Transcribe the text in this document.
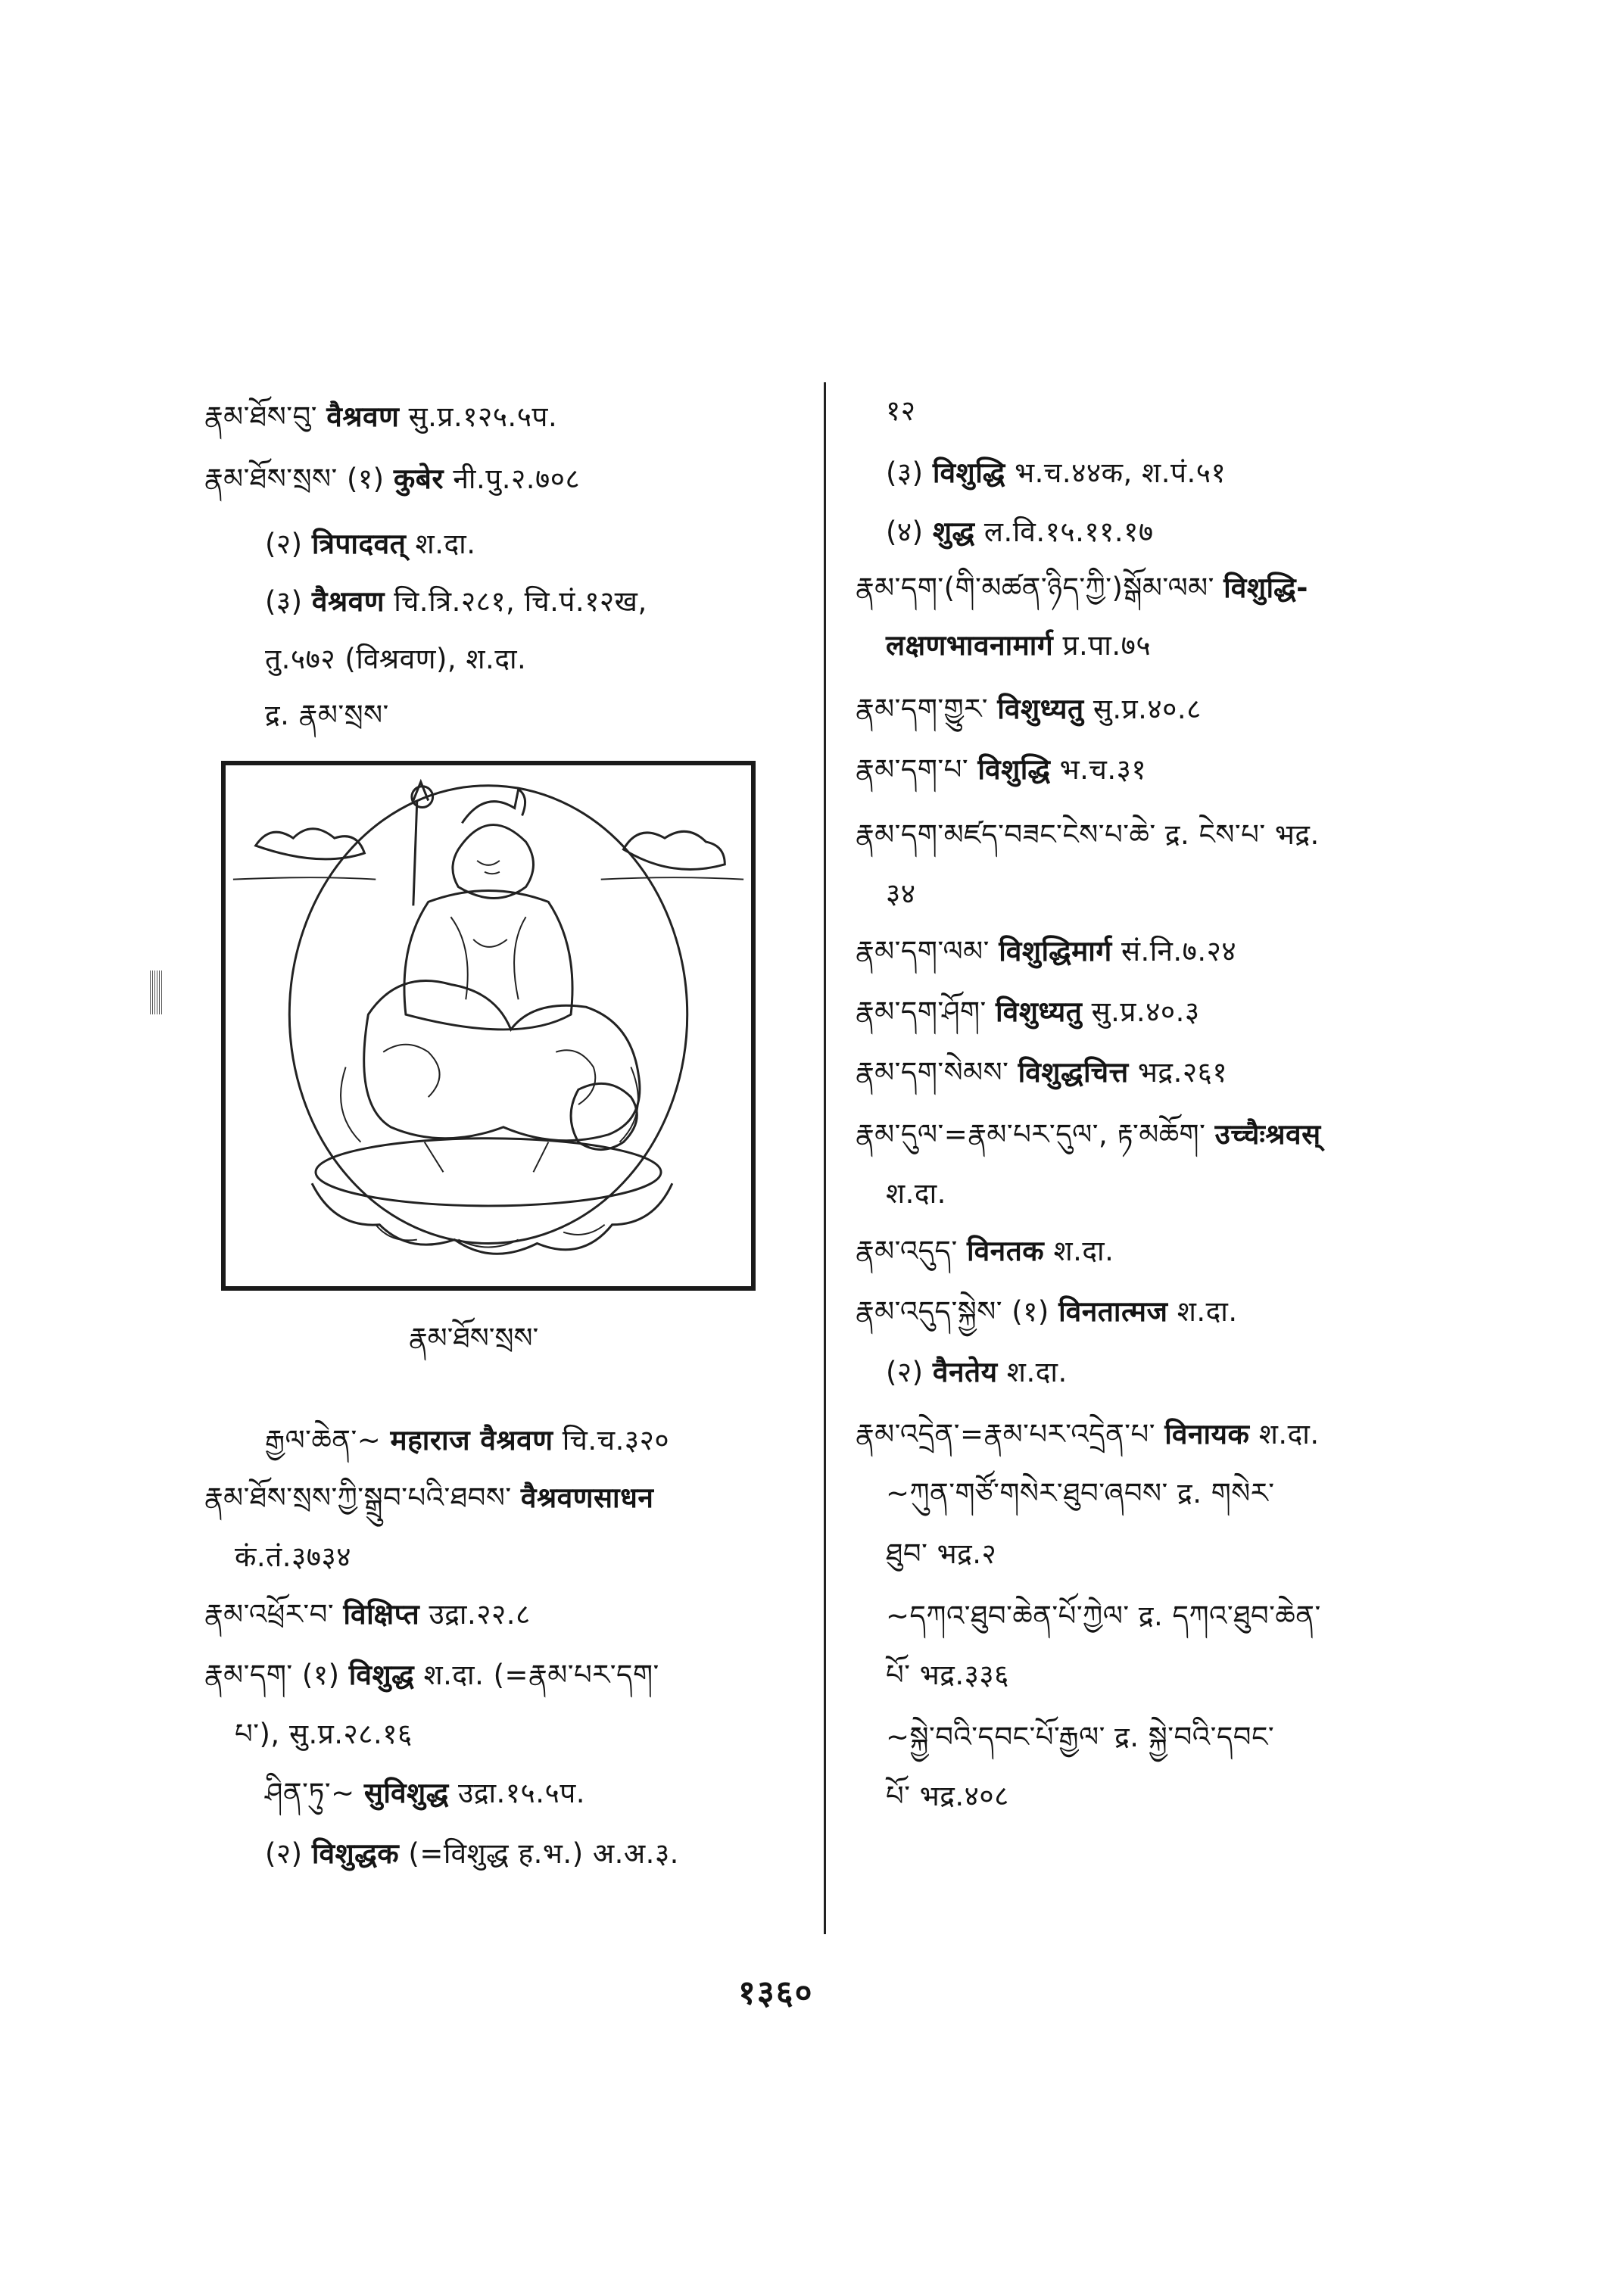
རྣམ་ཐོས་བུ་ वैश्रवण सु.प्र.१२५.५प.
རྣམ་ཐོས་སྲས་ (१) कुबेर नी.पु.२.७०८
(२) त्रिपादवत् श.दा.
(३) वैश्रवण चि.त्रि.२८१, चि.पं.१२ख,
तु.५७२ (विश्रवण), श.दा.
द्र. རྣམ་སྲས་
རྒྱལ་ཆེན་~ महाराज वैश्रवण चि.च.३२०
རྣམ་ཐོས་སྲས་ཀྱི་སྒྲུབ་པའི་ཐབས་ वैश्रवणसाधन
कं.तं.३७३४
རྣམ་འཕྲོར་བ་ विक्षिप्त उद्रा.२२.८
རྣམ་དག་ (१) विशुद्ध श.दा. (=རྣམ་པར་དག་
པ་), सु.प्र.२८.१६
ཤིན་ཏུ་~ सुविशुद्ध उद्रा.१५.५प.
(२) विशुद्धक (=विशुद्ध ह.भ.) अ.अ.३.
རྣམ་ཐོས་སྲས་
१२
(३) विशुद्धि भ.च.४४क, श.पं.५१
(४) शुद्ध ल.वि.१५.११.१७
རྣམ་དག་(གི་མཚན་ཉིད་ཀྱི་)སྒོམ་ལམ་ विशुद्धि-
लक्षणभावनामार्ग प्र.पा.७५
རྣམ་དག་གྱུར་ विशुध्यतु सु.प्र.४०.८
རྣམ་དག་པ་ विशुद्धि भ.च.३१
རྣམ་དག་མཛད་བཟང་ངེས་པ་ཆེ་ द्र. ངེས་པ་ भद्र.
३४
རྣམ་དག་ལམ་ विशुद्धिमार्ग सं.नि.७.२४
རྣམ་དག་ཤོག་ विशुध्यतु सु.प्र.४०.३
རྣམ་དག་སེམས་ विशुद्धचित्त भद्र.२६१
རྣམ་དུལ་=རྣམ་པར་དུལ་, རྟ་མཆོག་ उच्चैःश्रवस्
श.दा.
རྣམ་འདུད་ विनतक श.दा.
རྣམ་འདུད་སྐྱེས་ (१) विनतात्मज श.दा.
(२) वैनतेय श.दा.
རྣམ་འདྲེན་=རྣམ་པར་འདྲེན་པ་ विनायक श.दा.
~ཀུན་གཙོ་གསེར་ཐུབ་ཞབས་ द्र. གསེར་
ཐུབ་ भद्र.२
~དཀའ་ཐུབ་ཆེན་པོ་ཀྱེལ་ द्र. དཀའ་ཐུབ་ཆེན་
པོ་ भद्र.३३६
~སྐྱེ་བའི་དབང་པོ་རྒྱལ་ द्र. སྐྱེ་བའི་དབང་
པོ་ भद्र.४०८
१३६०
